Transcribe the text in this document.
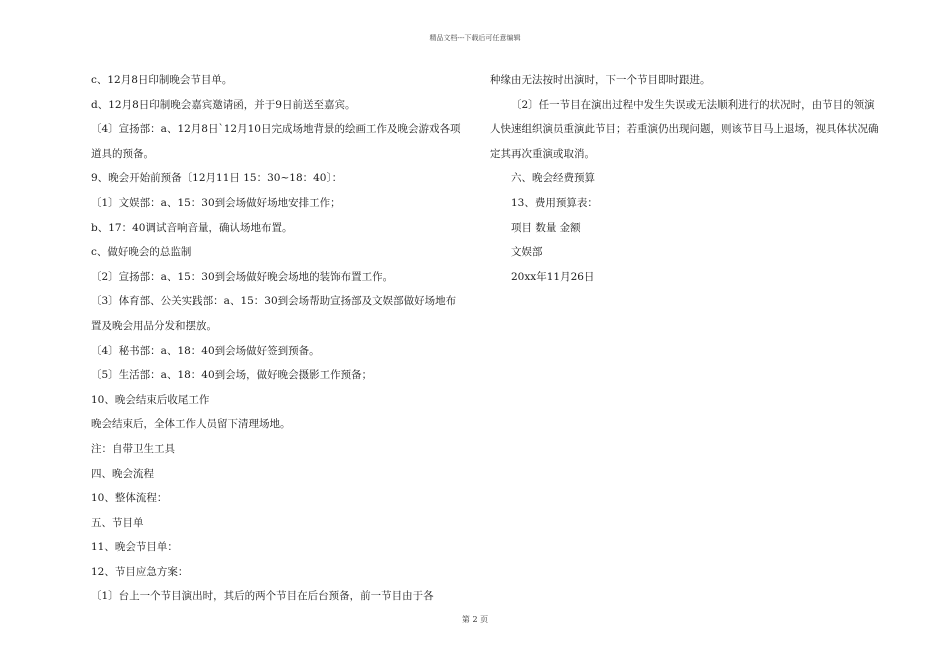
精品文档---下载后可任意编辑

c、12月8日印制晚会节目单。

d、12月8日印制晚会嘉宾邀请函，并于9日前送至嘉宾。

〔4〕宣扬部：a、12月8日`12月10日完成场地背景的绘画工作及晚会游戏各项道具的预备。

9、晚会开始前预备〔12月11日 15：30~18：40〕：

〔1〕文娱部：a、15：30到会场做好场地安排工作；

b、17：40调试音响音量，确认场地布置。

c、做好晚会的总监制

〔2〕宣扬部：a、15：30到会场做好晚会场地的装饰布置工作。

〔3〕体育部、公关实践部：a、15：30到会场帮助宣扬部及文娱部做好场地布置及晚会用品分发和摆放。

〔4〕秘书部：a、18：40到会场做好签到预备。

〔5〕生活部：a、18：40到会场，做好晚会摄影工作预备；

10、晚会结束后收尾工作

晚会结束后，全体工作人员留下清理场地。

注：自带卫生工具

四、晚会流程

10、整体流程：

五、节目单

11、晚会节目单：

12、节目应急方案：

〔1〕台上一个节目演出时，其后的两个节目在后台预备，前一节目由于各

种缘由无法按时出演时，下一个节目即时跟进。

〔2〕任一节目在演出过程中发生失误或无法顺利进行的状况时，由节目的领演人快速组织演员重演此节目；若重演仍出现问题，则该节目马上退场，视具体状况确定其再次重演或取消。

六、晚会经费预算

13、费用预算表：

项目 数量 金额

文娱部

20xx年11月26日

第 2 页
